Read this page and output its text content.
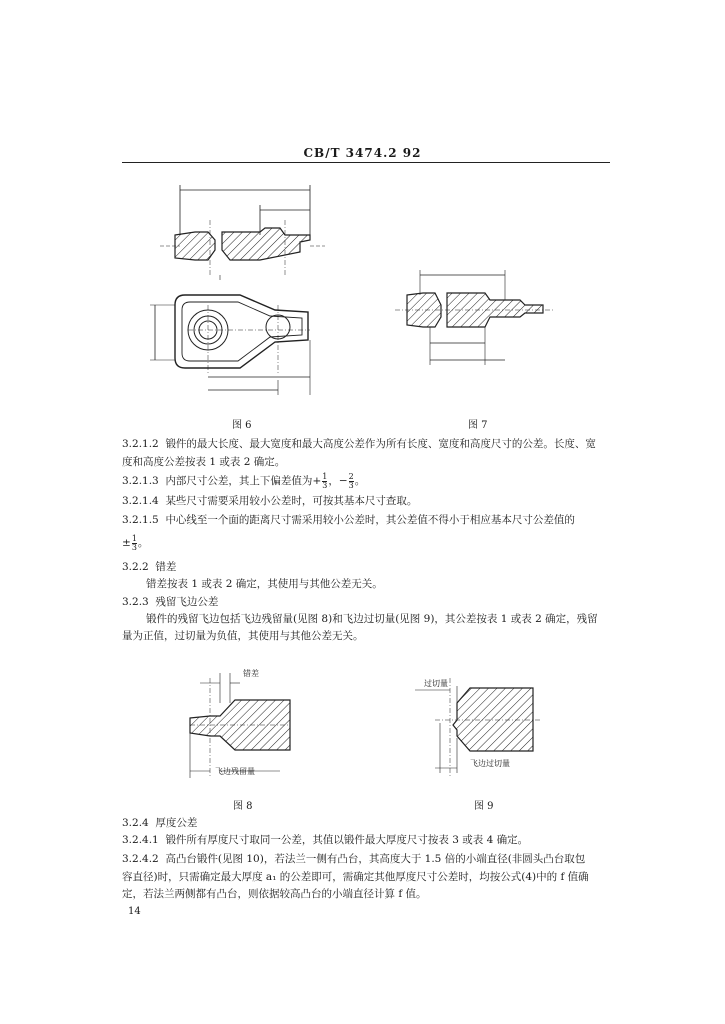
CB/T 3474.2 92
图 6	图 7
3.2.1.2 锻件的最大长度、最大宽度和最大高度公差作为所有长度、宽度和高度尺寸的公差。长度、宽
度和高度公差按表 1 或表 2 确定。
3.2.1.3 内部尺寸公差，其上下偏差值为+ $\frac{1}{3}$ ，− $\frac{2}{3}$ 。
3.2.1.4 某些尺寸需要采用较小公差时，可按其基本尺寸查取。
3.2.1.5 中心线至一个面的距离尺寸需采用较小公差时，其公差值不得小于相应基本尺寸公差值的
± $\frac{1}{3}$ 。
3.2.2 错差
错差按表 1 或表 2 确定，其使用与其他公差无关。
3.2.3 残留飞边公差
锻件的残留飞边包括飞边残留量(见图 8)和飞边过切量(见图 9)，其公差按表 1 或表 2 确定，残留
量为正值，过切量为负值，其使用与其他公差无关。
错差
飞边残留量
图 8
过切量
飞边过切量
图 9
3.2.4 厚度公差
3.2.4.1 锻件所有厚度尺寸取同一公差，其值以锻件最大厚度尺寸按表 3 或表 4 确定。
3.2.4.2 高凸台锻件(见图 10)，若法兰一侧有凸台，其高度大于 1.5 倍的小端直径(非圆头凸台取包
容直径)时，只需确定最大厚度 a₁ 的公差即可，需确定其他厚度尺寸公差时，均按公式(4)中的 f 值确
定，若法兰两侧都有凸台，则依据较高凸台的小端直径计算 f 值。
14
